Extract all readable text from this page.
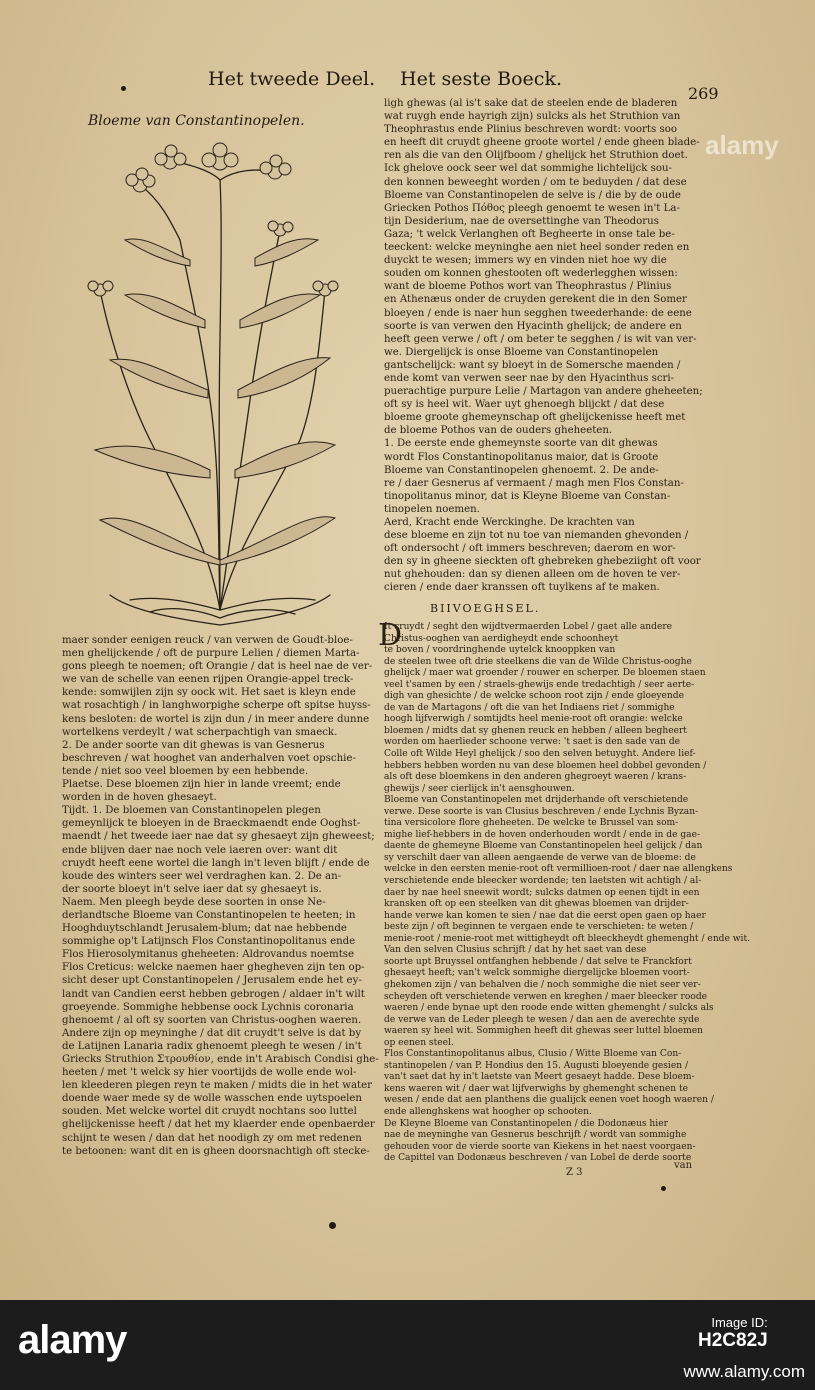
Het tweede Deel. Het seste Boeck.
269
Bloeme van Constantinopelen.

maer sonder eenigen reuck / van verwen de Goudt-bloe-

men ghelijckende / oft de purpure Lelien / diemen Marta-

gons pleegh te noemen; oft Orangie / dat is heel nae de ver-

we van de schelle van eenen rijpen Orangie-appel treck-

kende: somwijlen zijn sy oock wit. Het saet is kleyn ende

wat rosachtigh / in langhworpighe scherpe oft spitse huyss-

kens besloten: de wortel is zijn dun / in meer andere dunne

wortelkens verdeylt / wat scherpachtigh van smaeck.

2. De ander soorte van dit ghewas is van Gesnerus

beschreven / wat hooghet van anderhalven voet opschie-

tende / niet soo veel bloemen by een hebbende.

Plaetse. Dese bloemen zijn hier in lande vreemt; ende

worden in de hoven ghesaeyt.

Tijdt. 1. De bloemen van Constantinopelen plegen

gemeynlijck te bloeyen in de Braeckmaendt ende Ooghst-

maendt / het tweede iaer nae dat sy ghesaeyt zijn gheweest;

ende blijven daer nae noch vele iaeren over: want dit

cruydt heeft eene wortel die langh in't leven blijft / ende de

koude des winters seer wel verdraghen kan. 2. De an-

der soorte bloeyt in't selve iaer dat sy ghesaeyt is.

Naem. Men pleegh beyde dese soorten in onse Ne-

derlandtsche Bloeme van Constantinopelen te heeten; in

Hooghduytschlandt Jerusalem-blum; dat nae hebbende

sommighe op't Latijnsch Flos Constantinopolitanus ende

Flos Hierosolymitanus gheheeten: Aldrovandus noemtse

Flos Creticus: welcke naemen haer ghegheven zijn ten op-

sicht deser upt Constantinopelen / Jerusalem ende het ey-

landt van Candien eerst hebben gebrogen / aldaer in't wilt

groeyende. Sommighe hebbense oock Lychnis coronaria

ghenoemt / al oft sy soorten van Christus-ooghen waeren.

Andere zijn op meyninghe / dat dit cruydt't selve is dat by

de Latijnen Lanaria radix ghenoemt pleegh te wesen / in't

Griecks Struthion Στρουθίον, ende in't Arabisch Condisi ghe-

heeten / met 't welck sy hier voortijds de wolle ende wol-

len kleederen plegen reyn te maken / midts die in het water

doende waer mede sy de wolle wasschen ende uytspoelen

souden. Met welcke wortel dit cruydt nochtans soo luttel

ghelijckenisse heeft / dat het my klaerder ende openbaerder

schijnt te wesen / dan dat het noodigh zy om met redenen

te betoonen: want dit en is gheen doorsnachtigh oft stecke-

ligh ghewas (al is't sake dat de steelen ende de bladeren

wat ruygh ende hayrigh zijn) sulcks als het Struthion van

Theophrastus ende Plinius beschreven wordt: voorts soo

en heeft dit cruydt gheene groote wortel / ende gheen blade-

ren als die van den Olijfboom / ghelijck het Struthion doet.

Ick ghelove oock seer wel dat sommighe lichtelijck sou-

den konnen beweeght worden / om te beduyden / dat dese

Bloeme van Constantinopelen de selve is / die by de oude

Griecken Pothos Πόθος pleegh genoemt te wesen in't La-

tijn Desiderium, nae de oversettinghe van Theodorus

Gaza; 't welck Verlanghen oft Begheerte in onse tale be-

teeckent: welcke meyninghe aen niet heel sonder reden en

duyckt te wesen; immers wy en vinden niet hoe wy die

souden om konnen ghestooten oft wederlegghen wissen:

want de bloeme Pothos wort van Theophrastus / Plinius

en Athenæus onder de cruyden gerekent die in den Somer

bloeyen / ende is naer hun segghen tweederhande: de eene

soorte is van verwen den Hyacinth ghelijck; de andere en

heeft geen verwe / oft / om beter te segghen / is wit van ver-

we. Diergelijck is onse Bloeme van Constantinopelen

gantschelijck: want sy bloeyt in de Somersche maenden /

ende komt van verwen seer nae by den Hyacinthus scri-

puerachtige purpure Lelie / Martagon van andere gheheeten;

oft sy is heel wit. Waer uyt ghenoegh blijckt / dat dese

bloeme groote ghemeynschap oft ghelijckenisse heeft met

de bloeme Pothos van de ouders gheheeten.

1. De eerste ende ghemeynste soorte van dit ghewas

wordt Flos Constantinopolitanus maior, dat is Groote

Bloeme van Constantinopelen ghenoemt. 2. De ande-

re / daer Gesnerus af vermaent / magh men Flos Constan-

tinopolitanus minor, dat is Kleyne Bloeme van Constan-

tinopelen noemen.

Aerd, Kracht ende Werckinghe. De krachten van

dese bloeme en zijn tot nu toe van niemanden ghevonden /

oft ondersocht / oft immers beschreven; daerom en wor-

den sy in gheene sieckten oft ghebreken ghebeziight oft voor

nut ghehouden: dan sy dienen alleen om de hoven te ver-

cieren / ende daer kranssen oft tuylkens af te maken.

BIIVOEGHSEL.
D

It cruydt / seght den wijdtvermaerden Lobel / gaet alle andere

Christus-ooghen van aerdigheydt ende schoonheyt

te boven / voordringhende uytelck knooppken van

de steelen twee oft drie steelkens die van de Wilde Christus-ooghe

ghelijck / maer wat groender / rouwer en scherper. De bloemen staen

veel t'samen by een / straels-ghewijs ende tredachtigh / seer aerte-

digh van ghesichte / de welcke schoon root zijn / ende gloeyende

de van de Martagons / oft die van het Indiaens riet / sommighe

hoogh lijfverwigh / somtijdts heel menie-root oft orangie: welcke

bloemen / midts dat sy ghenen reuck en hebben / alleen begheert

worden om haerlieder schoone verwe: 't saet is den sade van de

Colle oft Wilde Heyl ghelijck / soo den selven betuyght. Andere lief-

hebbers hebben worden nu van dese bloemen heel dobbel gevonden /

als oft dese bloemkens in den anderen ghegroeyt waeren / krans-

ghewijs / seer cierlijck in't aensghouwen.

Bloeme van Constantinopelen met drijderhande oft verschietende

verwe. Dese soorte is van Clusius beschreven / ende Lychnis Byzan-

tina versicolore flore gheheeten. De welcke te Brussel van som-

mighe lief-hebbers in de hoven onderhouden wordt / ende in de gae-

daente de ghemeyne Bloeme van Constantinopelen heel gelijck / dan

sy verschilt daer van alleen aengaende de verwe van de bloeme: de

welcke in den eersten menie-root oft vermillioen-root / daer nae allengkens

verschietende ende bleecker wordende; ten laetsten wit achtigh / al-

daer by nae heel sneewit wordt; sulcks datmen op eenen tijdt in een

kransken oft op een steelken van dit ghewas bloemen van drijder-

hande verwe kan komen te sien / nae dat die eerst open gaen op haer

beste zijn / oft beginnen te vergaen ende te verschieten: te weten /

menie-root / menie-root met wittigheydt oft bleeckheydt ghemenght / ende wit.

Van den selven Clusius schrijft / dat hy het saet van dese

soorte upt Bruyssel ontfanghen hebbende / dat selve te Franckfort

ghesaeyt heeft; van't welck sommighe diergelijcke bloemen voort-

ghekomen zijn / van behalven die / noch sommighe die niet seer ver-

scheyden oft verschietende verwen en kreghen / maer bleecker roode

waeren / ende bynae upt den roode ende witten ghemenght / sulcks als

de verwe van de Leder pleegh te wesen / dan aen de averechte syde

waeren sy heel wit. Sommighen heeft dit ghewas seer luttel bloemen

op eenen steel.

Flos Constantinopolitanus albus, Clusio / Witte Bloeme van Con-

stantinopelen / van P. Hondius den 15. Augusti bloeyende gesien /

van't saet dat hy in't laetste van Meert gesaeyt hadde. Dese bloem-

kens waeren wit / daer wat lijfverwighs by ghemenght schenen te

wesen / ende dat aen planthens die gualijck eenen voet hoogh waeren /

ende allenghskens wat hoogher op schooten.

De Kleyne Bloeme van Constantinopelen / die Dodonæus hier

nae de meyninghe van Gesnerus beschrijft / wordt van sommighe

gehouden voor de vierde soorte van Kiekens in het naest voorgaen-

de Capittel van Dodonæus beschreven / van Lobel de derde soorte

Z 3
van
alamy
alamy	Image ID:
H2C82J
www.alamy.com
